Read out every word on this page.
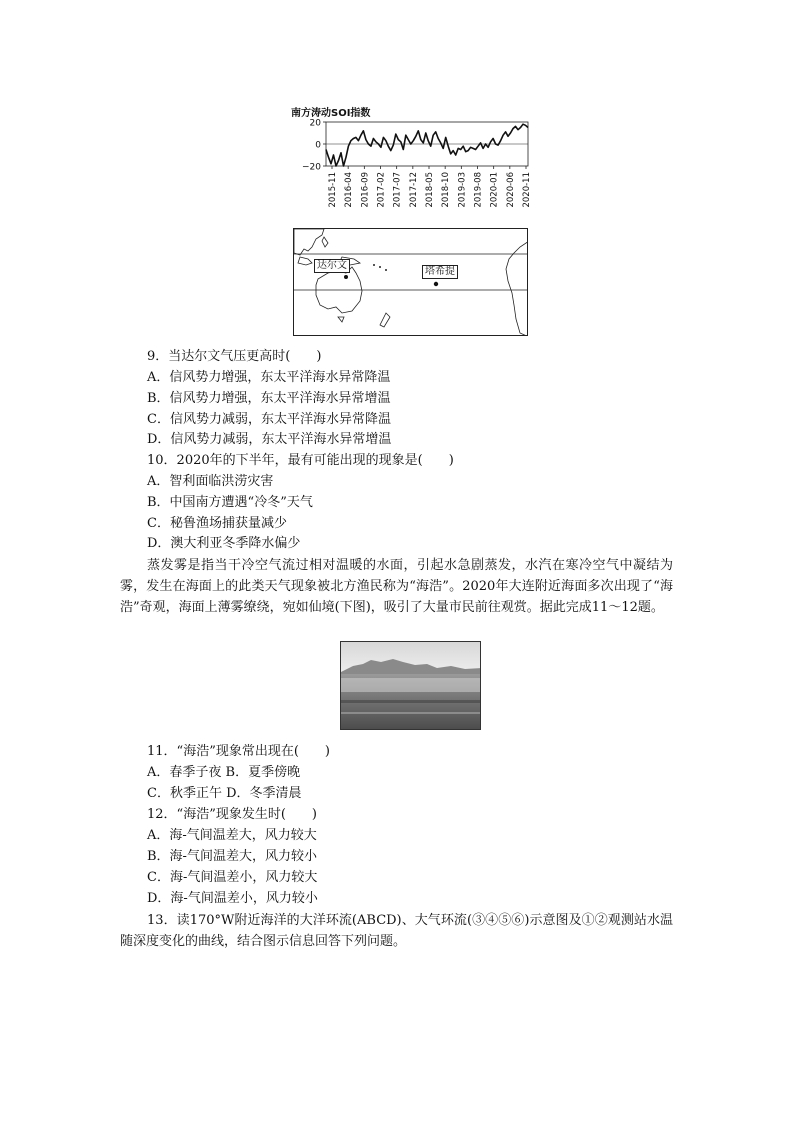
南方涛动SOI指数
20
0
−20
2015-11 2016-04 2016-09 2017-02 2017-07 2017-12 2018-05 2018-10 2019-03 2019-08 2020-01 2020-06 2020-11
达尔文
塔希提
9．当达尔文气压更高时(　　)
A．信风势力增强，东太平洋海水异常降温
B．信风势力增强，东太平洋海水异常增温
C．信风势力减弱，东太平洋海水异常降温
D．信风势力减弱，东太平洋海水异常增温
10．2020年的下半年，最有可能出现的现象是(　　)
A．智利面临洪涝灾害
B．中国南方遭遇“冷冬”天气
C．秘鲁渔场捕获量减少
D．澳大利亚冬季降水偏少
蒸发雾是指当干冷空气流过相对温暖的水面，引起水急剧蒸发，水汽在寒冷空气中凝结为雾，发生在海面上的此类天气现象被北方渔民称为“海浩”。2020年大连附近海面多次出现了“海浩”奇观，海面上薄雾缭绕，宛如仙境(下图)，吸引了大量市民前往观赏。据此完成11～12题。
11．“海浩”现象常出现在(　　)
A．春季子夜 B．夏季傍晚
C．秋季正午 D．冬季清晨
12．“海浩”现象发生时(　　)
A．海-气间温差大，风力较大
B．海-气间温差大，风力较小
C．海-气间温差小，风力较大
D．海-气间温差小，风力较小
13．读170°W附近海洋的大洋环流(ABCD)、大气环流(③④⑤⑥)示意图及①②观测站水温随深度变化的曲线，结合图示信息回答下列问题。
